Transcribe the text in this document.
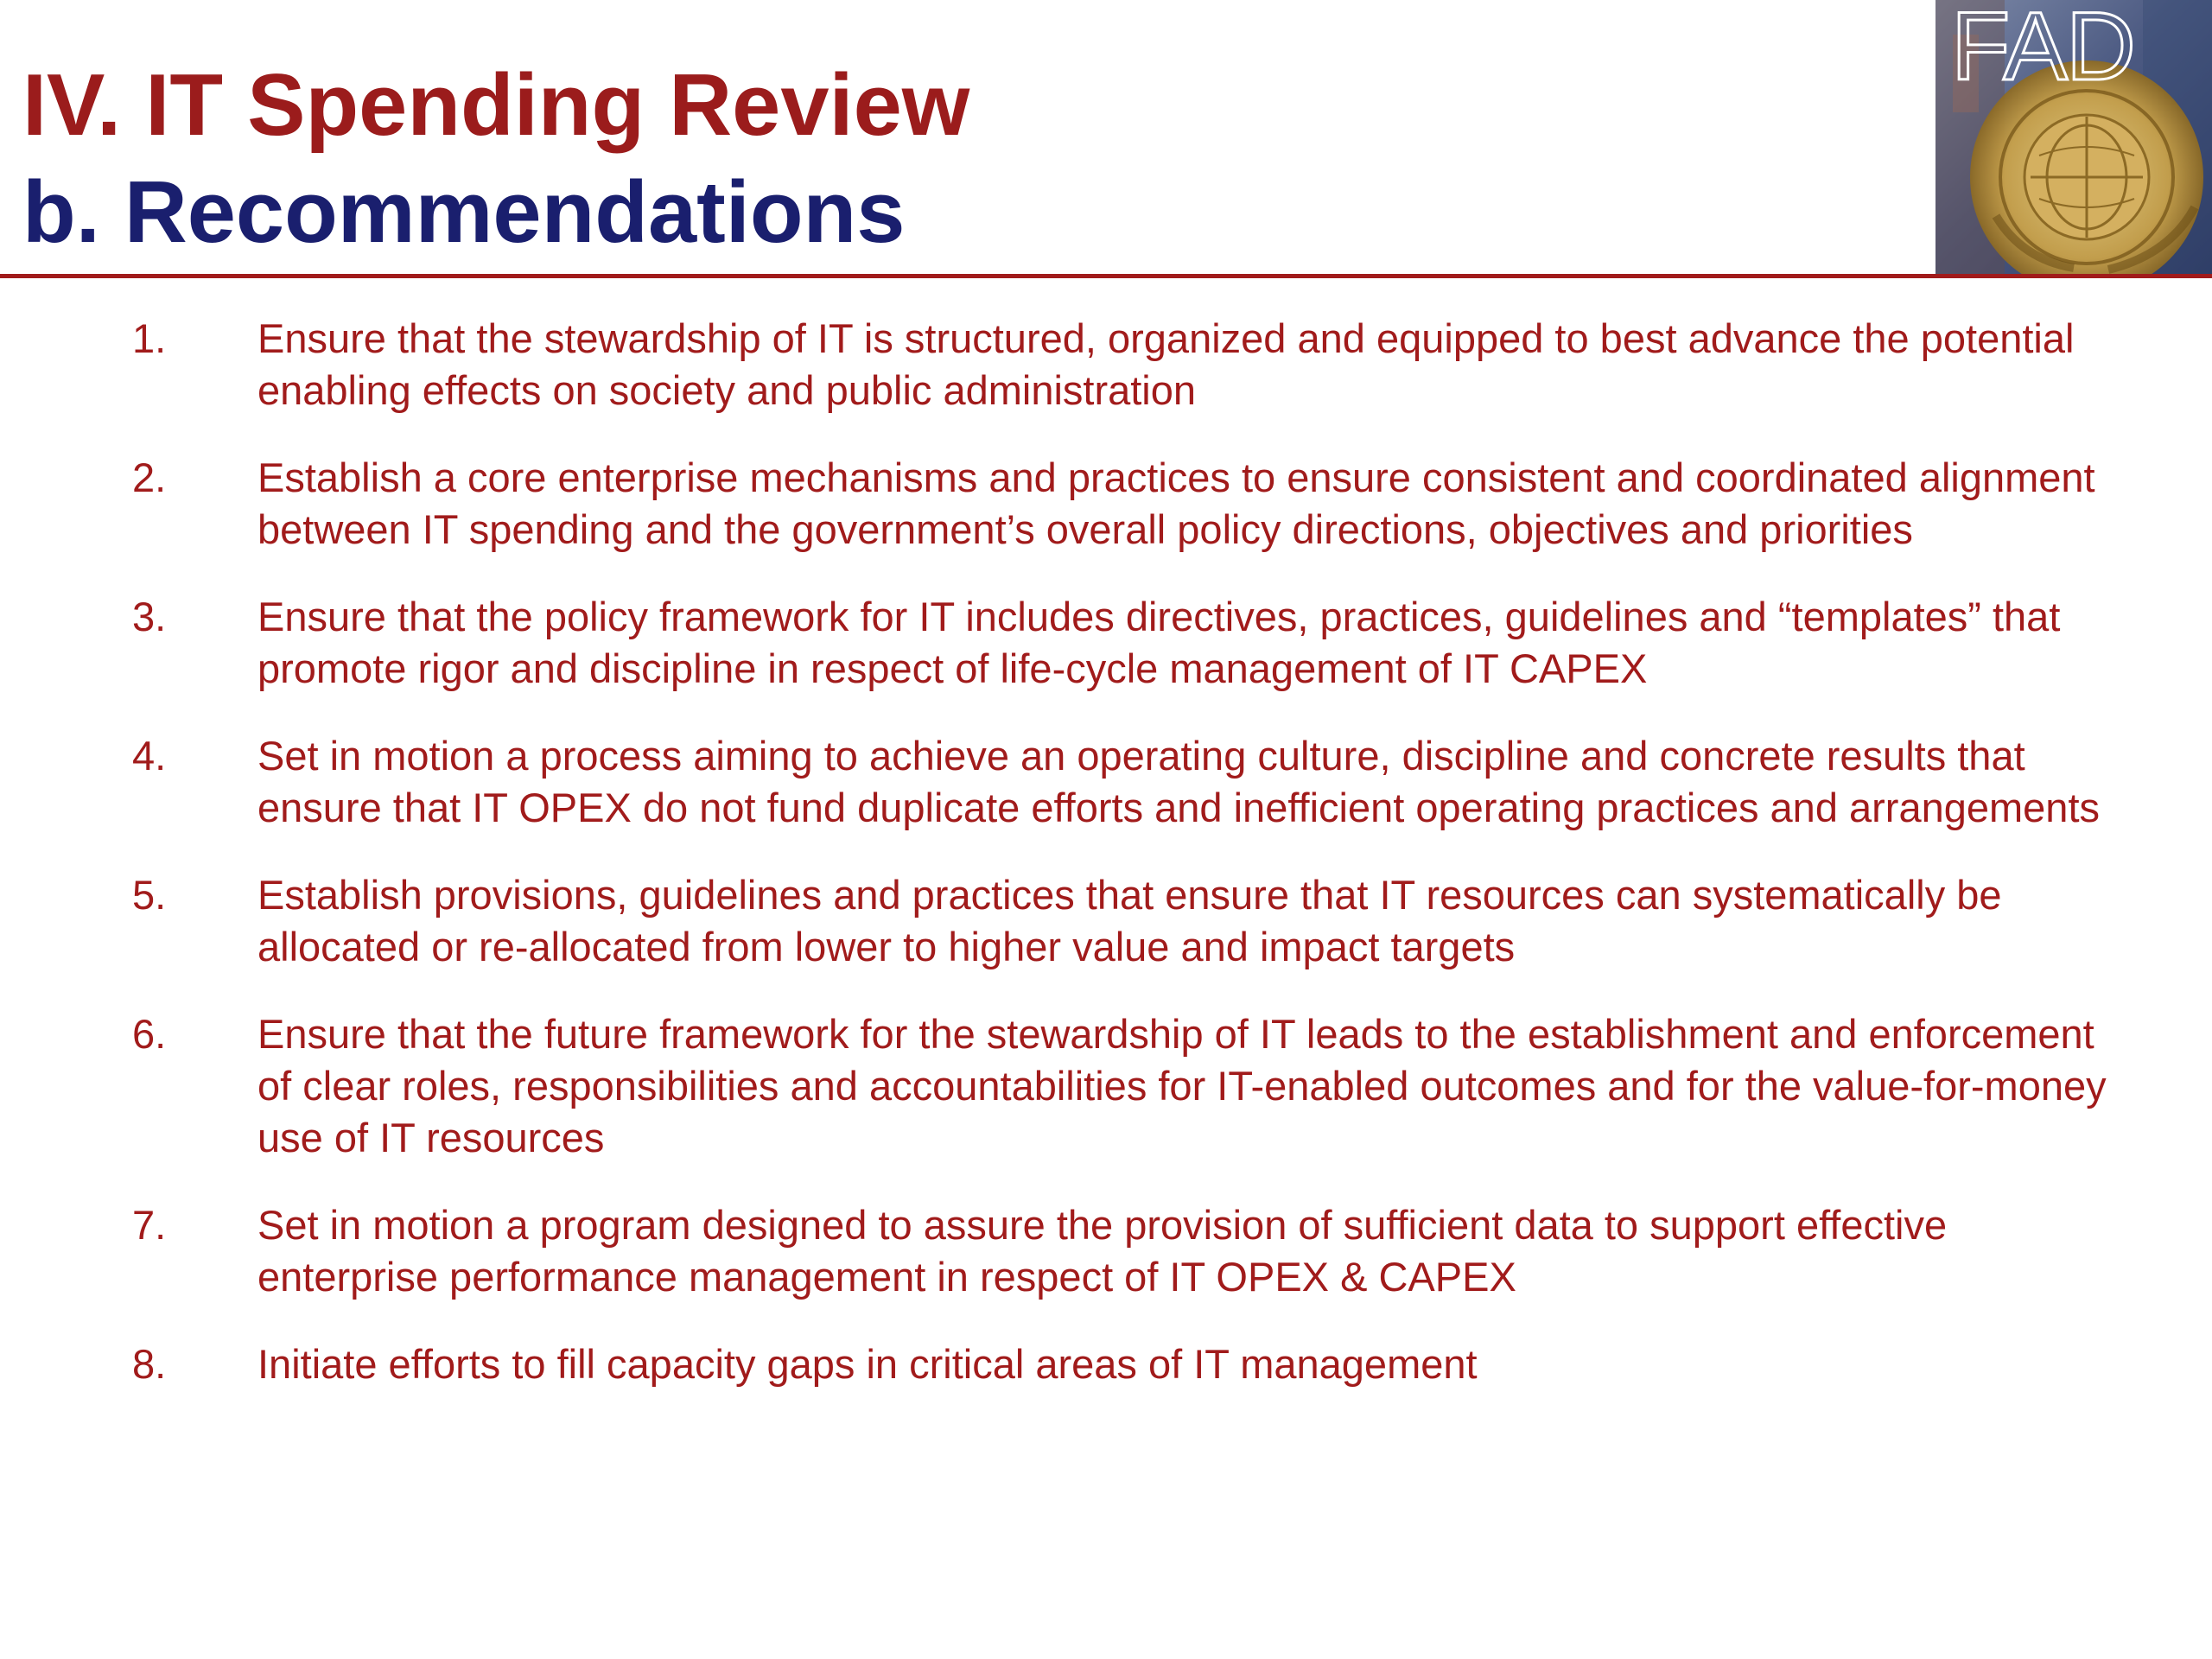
IV. IT Spending Review
b. Recommendations
FAD
1. Ensure that the stewardship of IT is structured, organized and equipped to best advance the potential enabling effects on society and public administration
2. Establish a core enterprise mechanisms and practices to ensure consistent and coordinated alignment between IT spending and the government’s overall policy directions, objectives and priorities
3. Ensure that the policy framework for IT includes directives, practices, guidelines and “templates” that promote rigor and discipline in respect of life-cycle management of IT CAPEX
4. Set in motion a process aiming to achieve an operating culture, discipline and concrete results that ensure that IT OPEX do not fund duplicate efforts and inefficient operating practices and arrangements
5. Establish provisions, guidelines and practices that ensure that IT resources can systematically be allocated or re-allocated from lower to higher value and impact targets
6. Ensure that the future framework for the stewardship of IT leads to the establishment and enforcement of clear roles, responsibilities and accountabilities for IT-enabled outcomes and for the value-for-money use of IT resources
7. Set in motion a program designed to assure the provision of sufficient data to support effective enterprise performance management in respect of IT OPEX & CAPEX
8. Initiate efforts to fill capacity gaps in critical areas of IT management
